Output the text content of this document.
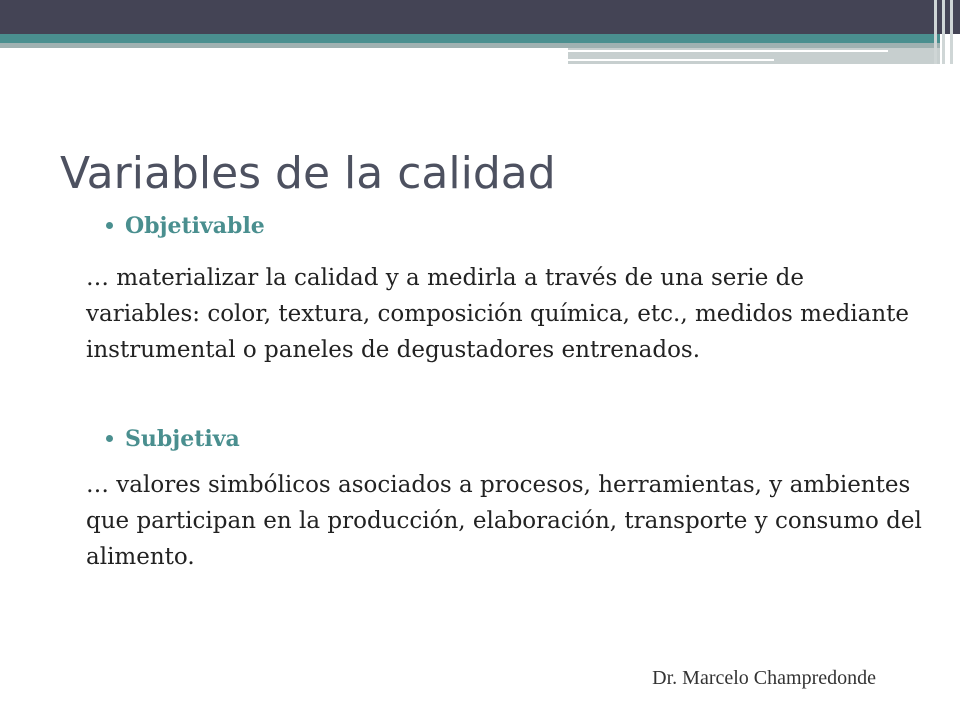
Variables de la calidad
Objetivable

… materializar la calidad y a medirla a través de una serie de variables: color, textura, composición química, etc., medidos mediante instrumental o paneles de degustadores entrenados.

Subjetiva

… valores simbólicos asociados a procesos, herramientas, y ambientes que participan en la producción, elaboración, transporte y consumo del alimento.

Dr. Marcelo Champredonde
